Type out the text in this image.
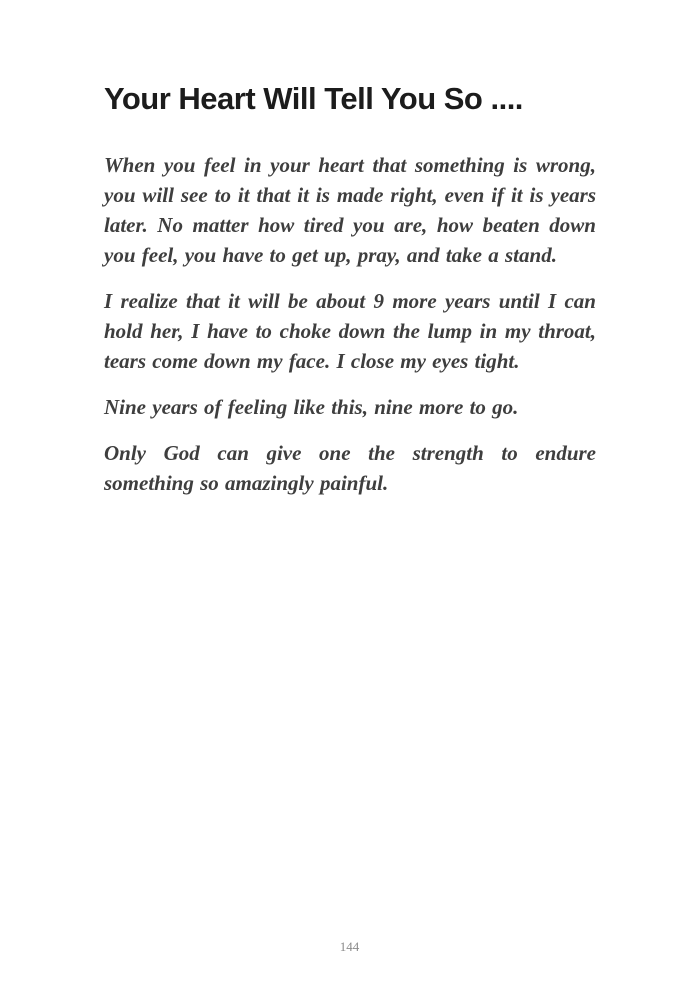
Your Heart Will Tell You So ....

When you feel in your heart that something is wrong, you will see to it that it is made right, even if it is years later. No matter how tired you are, how beaten down you feel, you have to get up, pray, and take a stand.

I realize that it will be about 9 more years until I can hold her, I have to choke down the lump in my throat, tears come down my face. I close my eyes tight.

Nine years of feeling like this, nine more to go.

Only God can give one the strength to endure something so amazingly painful.

144
